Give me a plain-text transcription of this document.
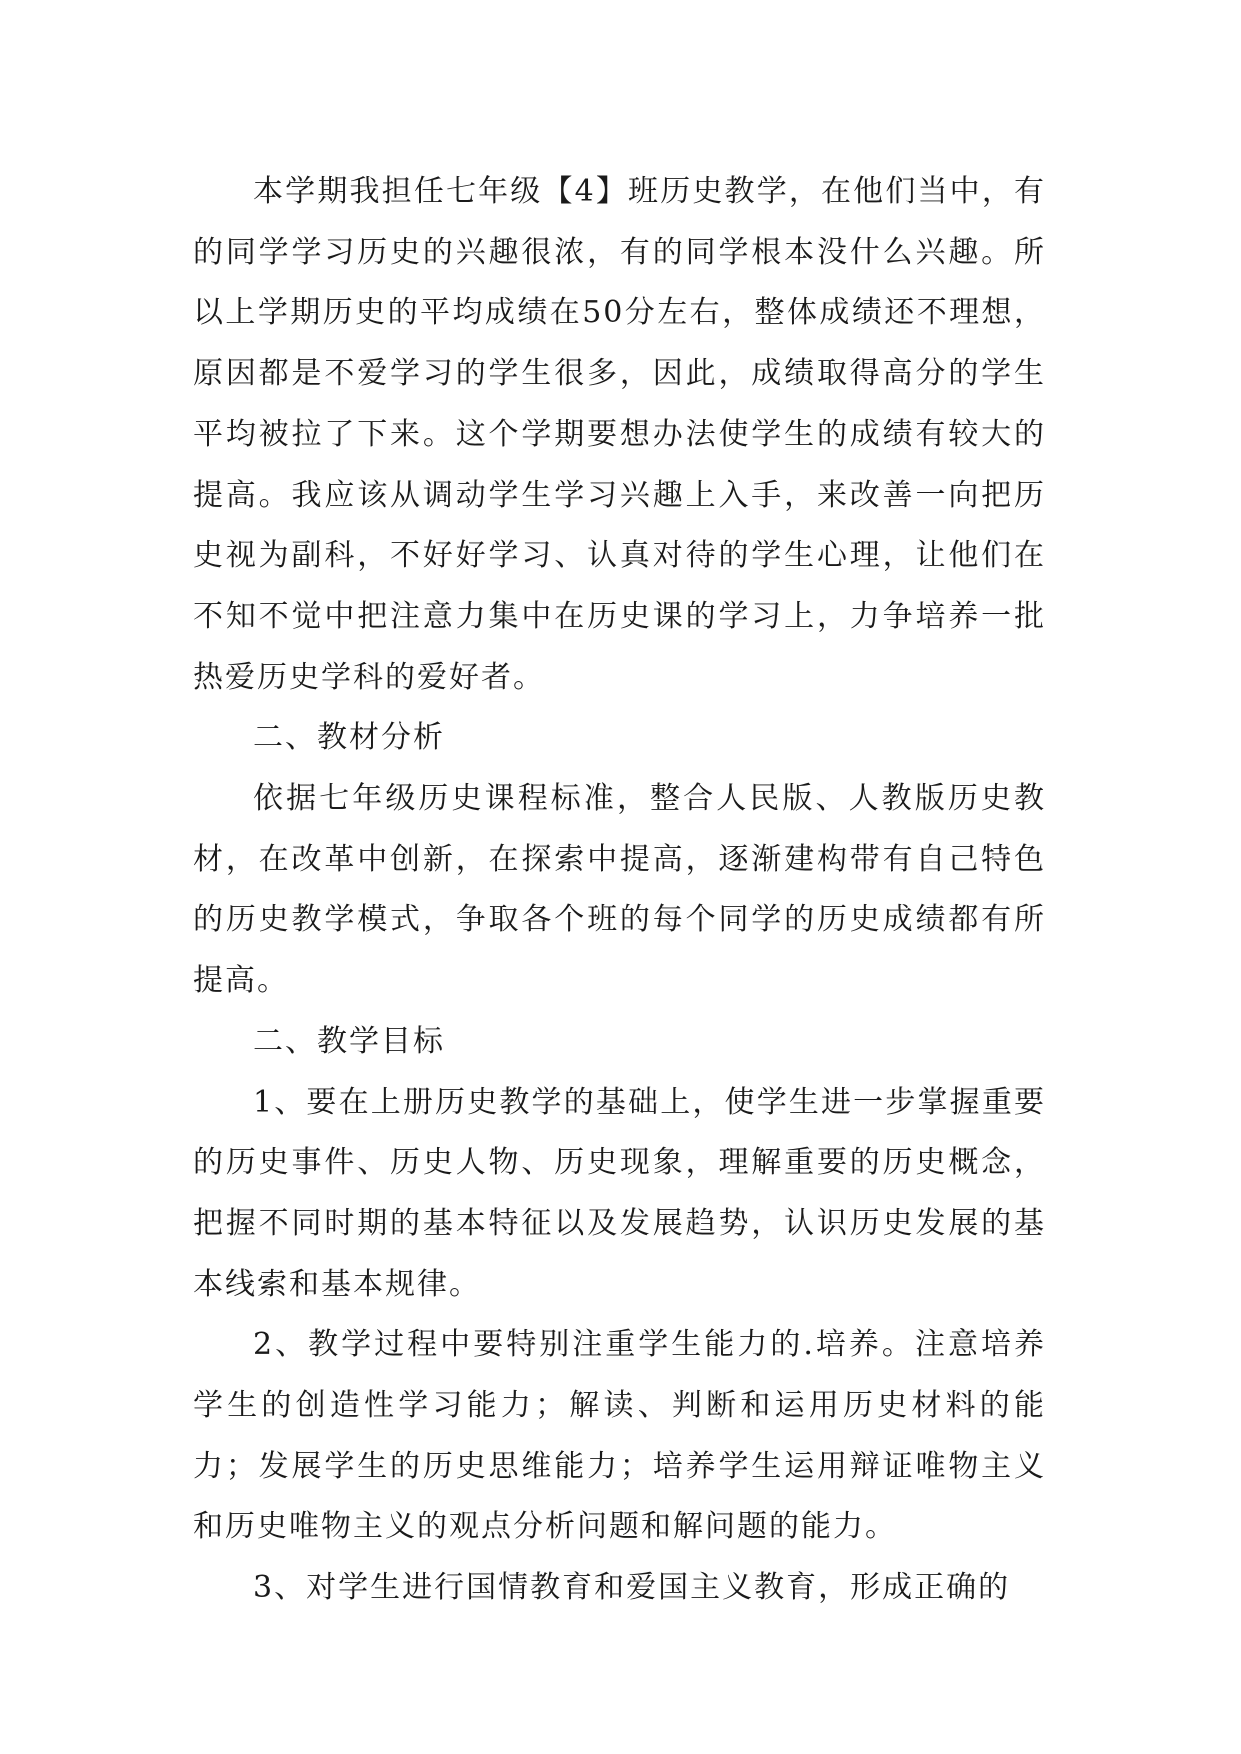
本学期我担任七年级【4】班历史教学，在他们当中，有的同学学习历史的兴趣很浓，有的同学根本没什么兴趣。所以上学期历史的平均成绩在50分左右，整体成绩还不理想，原因都是不爱学习的学生很多，因此，成绩取得高分的学生平均被拉了下来。这个学期要想办法使学生的成绩有较大的提高。我应该从调动学生学习兴趣上入手，来改善一向把历史视为副科，不好好学习、认真对待的学生心理，让他们在不知不觉中把注意力集中在历史课的学习上，力争培养一批热爱历史学科的爱好者。

二、教材分析

依据七年级历史课程标准，整合人民版、人教版历史教材，在改革中创新，在探索中提高，逐渐建构带有自己特色的历史教学模式，争取各个班的每个同学的历史成绩都有所提高。

二、教学目标

1、要在上册历史教学的基础上，使学生进一步掌握重要的历史事件、历史人物、历史现象，理解重要的历史概念，把握不同时期的基本特征以及发展趋势，认识历史发展的基本线索和基本规律。

2、教学过程中要特别注重学生能力的.培养。注意培养学生的创造性学习能力；解读、判断和运用历史材料的能力；发展学生的历史思维能力；培养学生运用辩证唯物主义和历史唯物主义的观点分析问题和解问题的能力。

3、对学生进行国情教育和爱国主义教育，形成正确的
